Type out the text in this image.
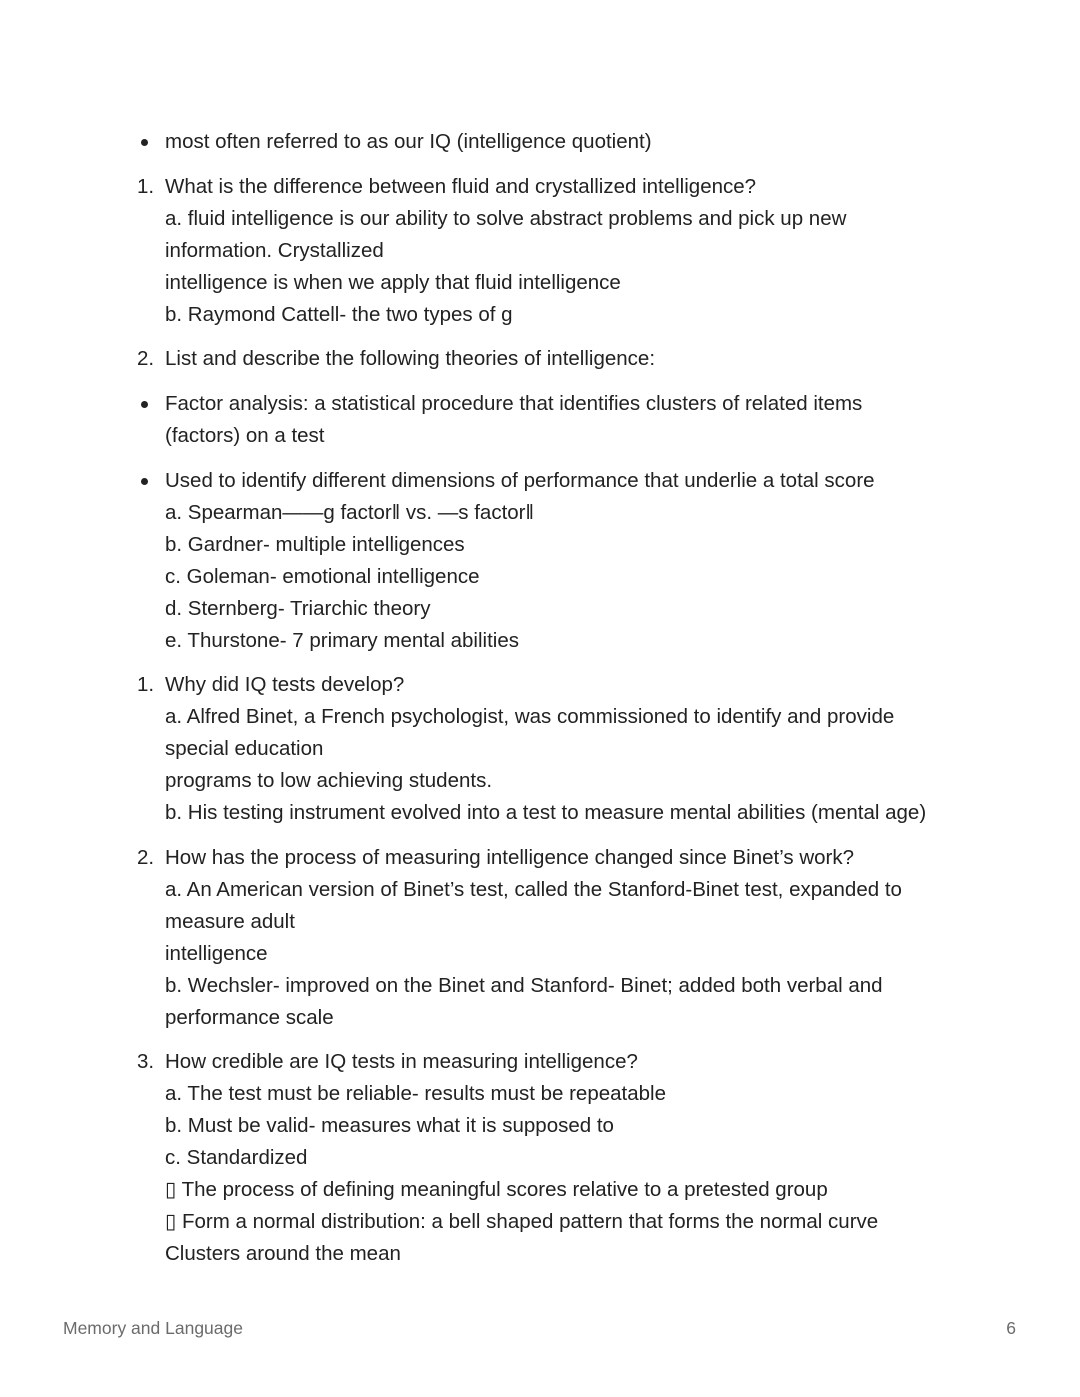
most often referred to as our IQ (intelligence quotient)
1. What is the difference between fluid and crystallized intelligence?
a. fluid intelligence is our ability to solve abstract problems and pick up new
information. Crystallized
intelligence is when we apply that fluid intelligence
b. Raymond Cattell- the two types of g
2. List and describe the following theories of intelligence:
Factor analysis: a statistical procedure that identifies clusters of related items
(factors) on a test
Used to identify different dimensions of performance that underlie a total score
a. Spearman—―g factor‖ vs. ―s factor‖
b. Gardner- multiple intelligences
c. Goleman- emotional intelligence
d. Sternberg- Triarchic theory
e. Thurstone- 7 primary mental abilities
1. Why did IQ tests develop?
a. Alfred Binet, a French psychologist, was commissioned to identify and provide
special education
programs to low achieving students.
b. His testing instrument evolved into a test to measure mental abilities (mental age)
2. How has the process of measuring intelligence changed since Binet’s work?
a. An American version of Binet’s test, called the Stanford-Binet test, expanded to
measure adult
intelligence
b. Wechsler- improved on the Binet and Stanford- Binet; added both verbal and
performance scale
3. How credible are IQ tests in measuring intelligence?
a. The test must be reliable- results must be repeatable
b. Must be valid- measures what it is supposed to
c. Standardized
▯ The process of defining meaningful scores relative to a pretested group
▯ Form a normal distribution: a bell shaped pattern that forms the normal curve
Clusters around the mean
Memory and Language	6
